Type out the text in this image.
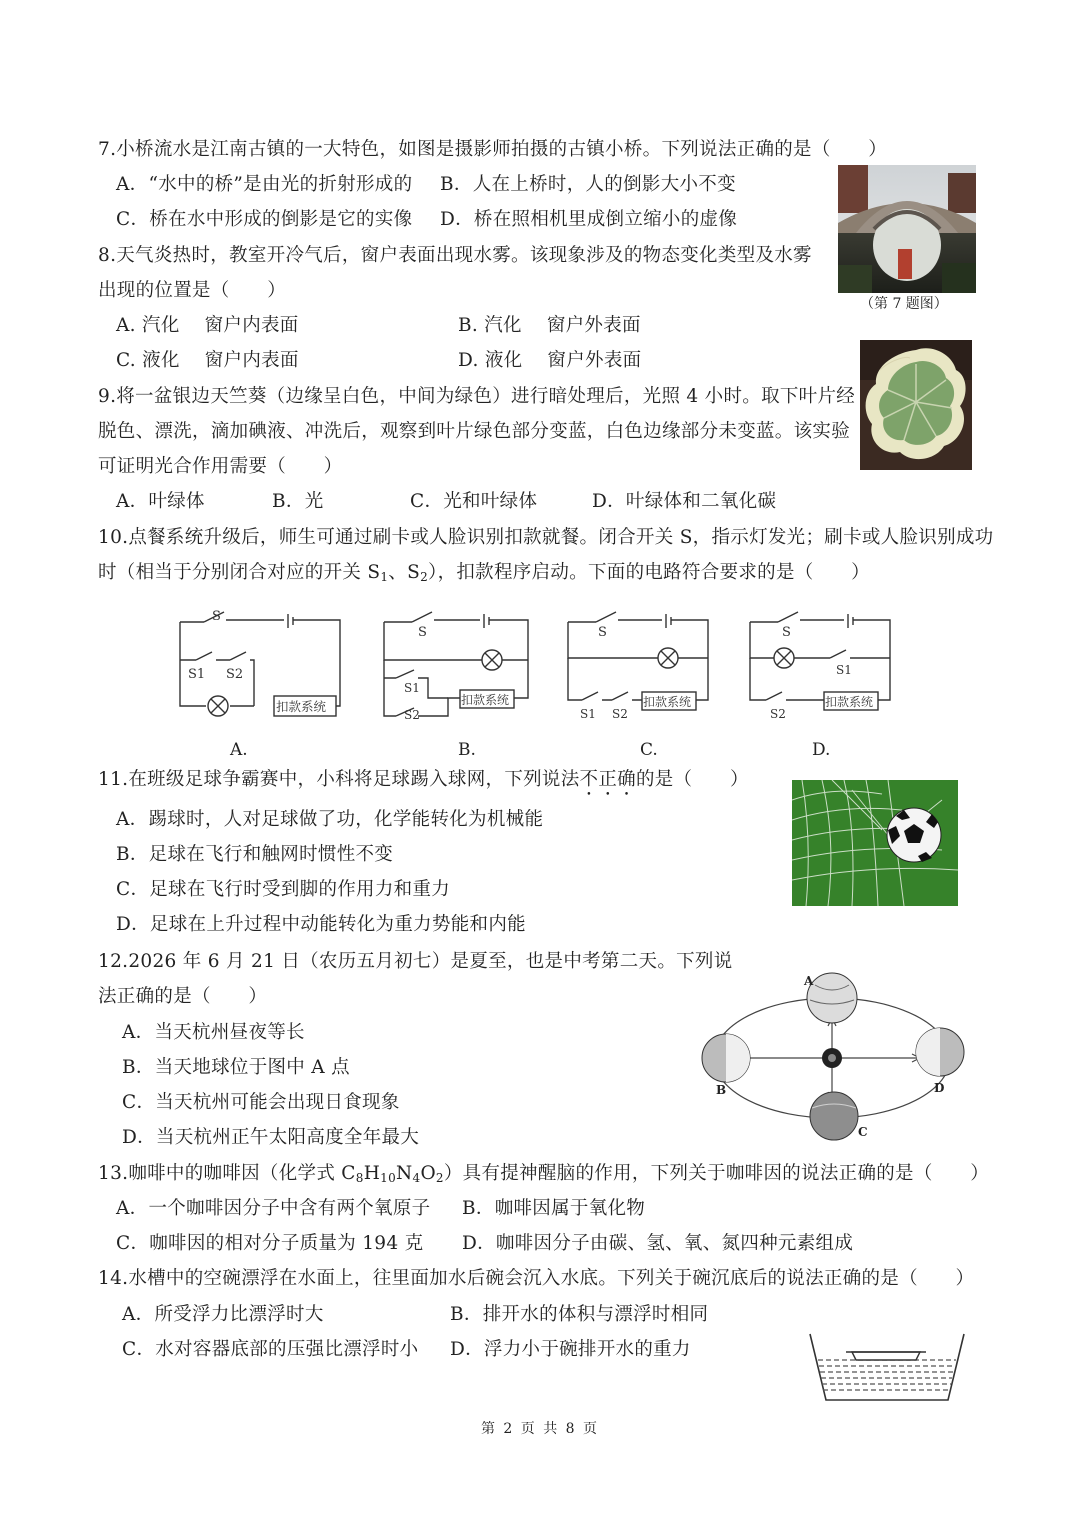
7.小桥流水是江南古镇的一大特色，如图是摄影师拍摄的古镇小桥。下列说法正确的是（　　）
A．“水中的桥”是由光的折射形成的 B．人在上桥时，人的倒影大小不变
C．桥在水中形成的倒影是它的实像 D．桥在照相机里成倒立缩小的虚像
（第 7 题图）
8.天气炎热时，教室开冷气后，窗户表面出现水雾。该现象涉及的物态变化类型及水雾
出现的位置是（　　）
A. 汽化　 窗户内表面	B. 汽化　 窗户外表面
C. 液化　 窗户内表面	D. 液化　 窗户外表面
9.将一盆银边天竺葵（边缘呈白色，中间为绿色）进行暗处理后，光照 4 小时。取下叶片经
脱色、漂洗，滴加碘液、冲洗后，观察到叶片绿色部分变蓝，白色边缘部分未变蓝。该实验
可证明光合作用需要（　　）
A．叶绿体	B．光	C．光和叶绿体	D．叶绿体和二氧化碳
10.点餐系统升级后，师生可通过刷卡或人脸识别扣款就餐。闭合开关 S，指示灯发光；刷卡或人脸识别成功
时（相当于分别闭合对应的开关 $S_1$、$S_2$），扣款程序启动。下面的电路符合要求的是（　　）
S
S1 S2
扣款系统
S
S1
S2
扣款系统
S
S1 S2
扣款系统
S
S1
S2
扣款系统
A.	B.	C.	D.
11.在班级足球争霸赛中，小科将足球踢入球网，下列说法不正确的是（　　）
A．踢球时，人对足球做了功，化学能转化为机械能
B．足球在飞行和触网时惯性不变
C．足球在飞行时受到脚的作用力和重力
D．足球在上升过程中动能转化为重力势能和内能
12.2026 年 6 月 21 日（农历五月初七）是夏至，也是中考第二天。下列说
法正确的是（　　）
A．当天杭州昼夜等长
B．当天地球位于图中 A 点
C．当天杭州可能会出现日食现象
D．当天杭州正午太阳高度全年最大
A
B	D
C
13.咖啡中的咖啡因（化学式 $C_8H_{10}N_4O_2$）具有提神醒脑的作用，下列关于咖啡因的说法正确的是（　　）
A．一个咖啡因分子中含有两个氧原子 B．咖啡因属于氧化物
C．咖啡因的相对分子质量为 194 克 D．咖啡因分子由碳、氢、氧、氮四种元素组成
14.水槽中的空碗漂浮在水面上，往里面加水后碗会沉入水底。下列关于碗沉底后的说法正确的是（　　）
A．所受浮力比漂浮时大	B．排开水的体积与漂浮时相同
C．水对容器底部的压强比漂浮时小 D．浮力小于碗排开水的重力
第 2 页 共 8 页
